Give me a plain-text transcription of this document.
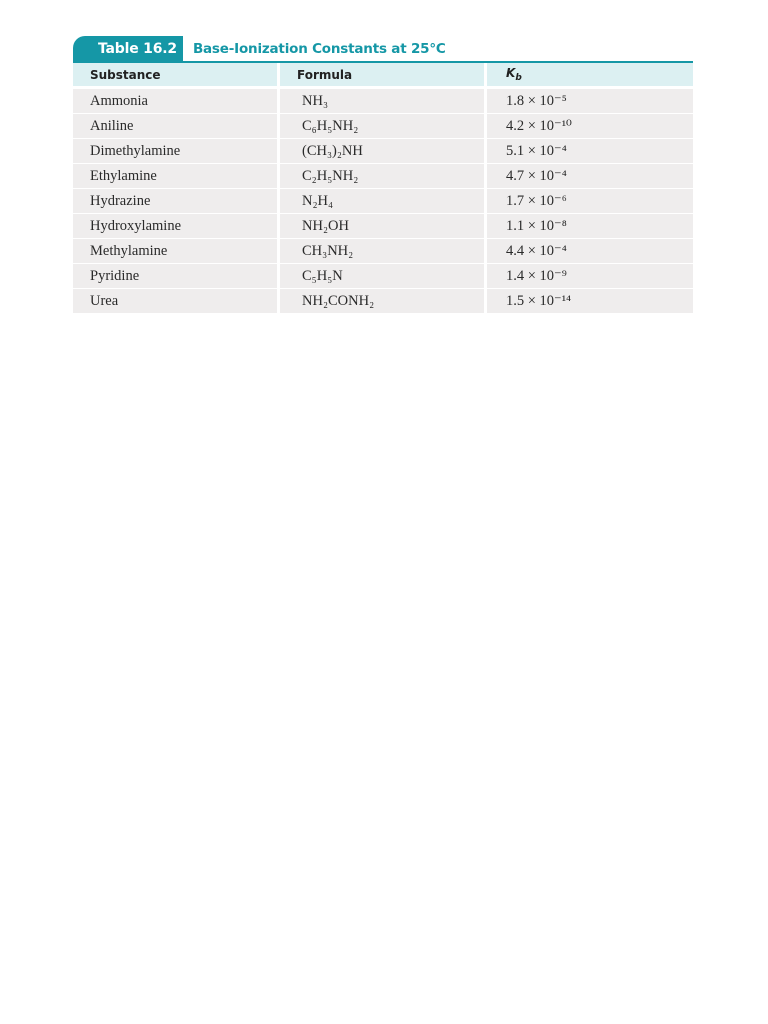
Table 16.2	Base-Ionization Constants at 25°C
Substance	Formula	$K_b$

Ammonia	NH₃	1.8 × 10⁻⁵
Aniline	C₆H₅NH₂	4.2 × 10⁻¹⁰
Dimethylamine	(CH₃)₂NH	5.1 × 10⁻⁴
Ethylamine	C₂H₅NH₂	4.7 × 10⁻⁴
Hydrazine	N₂H₄	1.7 × 10⁻⁶
Hydroxylamine	NH₂OH	1.1 × 10⁻⁸
Methylamine	CH₃NH₂	4.4 × 10⁻⁴
Pyridine	C₅H₅N	1.4 × 10⁻⁹
Urea	NH₂CONH₂	1.5 × 10⁻¹⁴
